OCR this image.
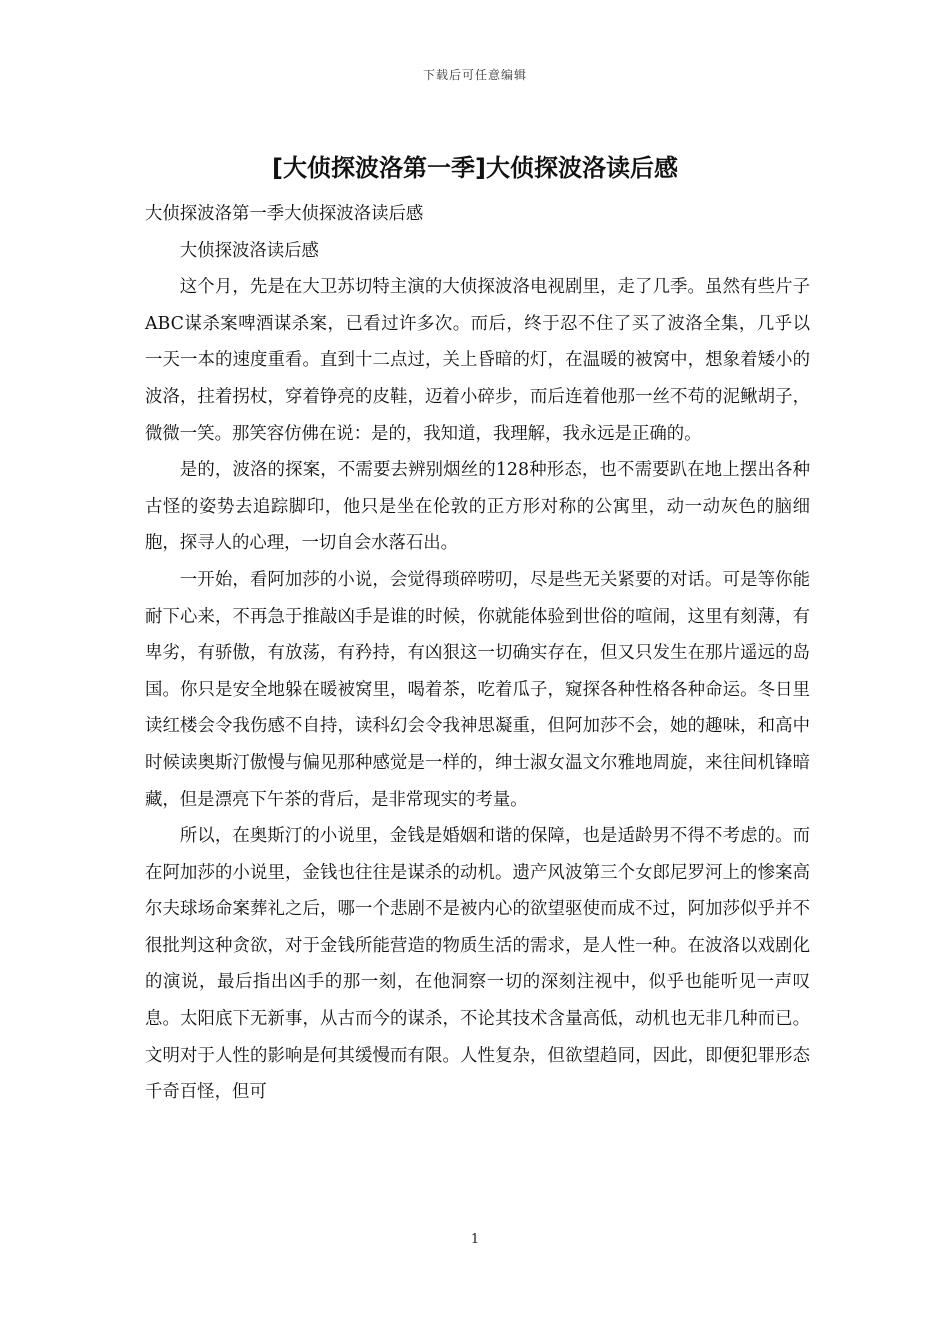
下载后可任意编辑
[大侦探波洛第一季]大侦探波洛读后感

大侦探波洛第一季大侦探波洛读后感

大侦探波洛读后感

这个月，先是在大卫苏切特主演的大侦探波洛电视剧里，走了几季。虽然有些片子ABC谋杀案啤酒谋杀案，已看过许多次。而后，终于忍不住了买了波洛全集，几乎以一天一本的速度重看。直到十二点过，关上昏暗的灯，在温暖的被窝中，想象着矮小的波洛，拄着拐杖，穿着铮亮的皮鞋，迈着小碎步，而后连着他那一丝不苟的泥鳅胡子，微微一笑。那笑容仿佛在说：是的，我知道，我理解，我永远是正确的。

是的，波洛的探案，不需要去辨别烟丝的128种形态，也不需要趴在地上摆出各种古怪的姿势去追踪脚印，他只是坐在伦敦的正方形对称的公寓里，动一动灰色的脑细胞，探寻人的心理，一切自会水落石出。

一开始，看阿加莎的小说，会觉得琐碎唠叨，尽是些无关紧要的对话。可是等你能耐下心来，不再急于推敲凶手是谁的时候，你就能体验到世俗的喧闹，这里有刻薄，有卑劣，有骄傲，有放荡，有矜持，有凶狠这一切确实存在，但又只发生在那片遥远的岛国。你只是安全地躲在暖被窝里，喝着茶，吃着瓜子，窥探各种性格各种命运。冬日里读红楼会令我伤感不自持，读科幻会令我神思凝重，但阿加莎不会，她的趣味，和高中时候读奥斯汀傲慢与偏见那种感觉是一样的，绅士淑女温文尔雅地周旋，来往间机锋暗藏，但是漂亮下午茶的背后，是非常现实的考量。

所以，在奥斯汀的小说里，金钱是婚姻和谐的保障，也是适龄男不得不考虑的。而在阿加莎的小说里，金钱也往往是谋杀的动机。遗产风波第三个女郎尼罗河上的惨案高尔夫球场命案葬礼之后，哪一个悲剧不是被内心的欲望驱使而成不过，阿加莎似乎并不很批判这种贪欲，对于金钱所能营造的物质生活的需求，是人性一种。在波洛以戏剧化的演说，最后指出凶手的那一刻，在他洞察一切的深刻注视中，似乎也能听见一声叹息。太阳底下无新事，从古而今的谋杀，不论其技术含量高低，动机也无非几种而已。文明对于人性的影响是何其缓慢而有限。人性复杂，但欲望趋同，因此，即便犯罪形态千奇百怪，但可

1
